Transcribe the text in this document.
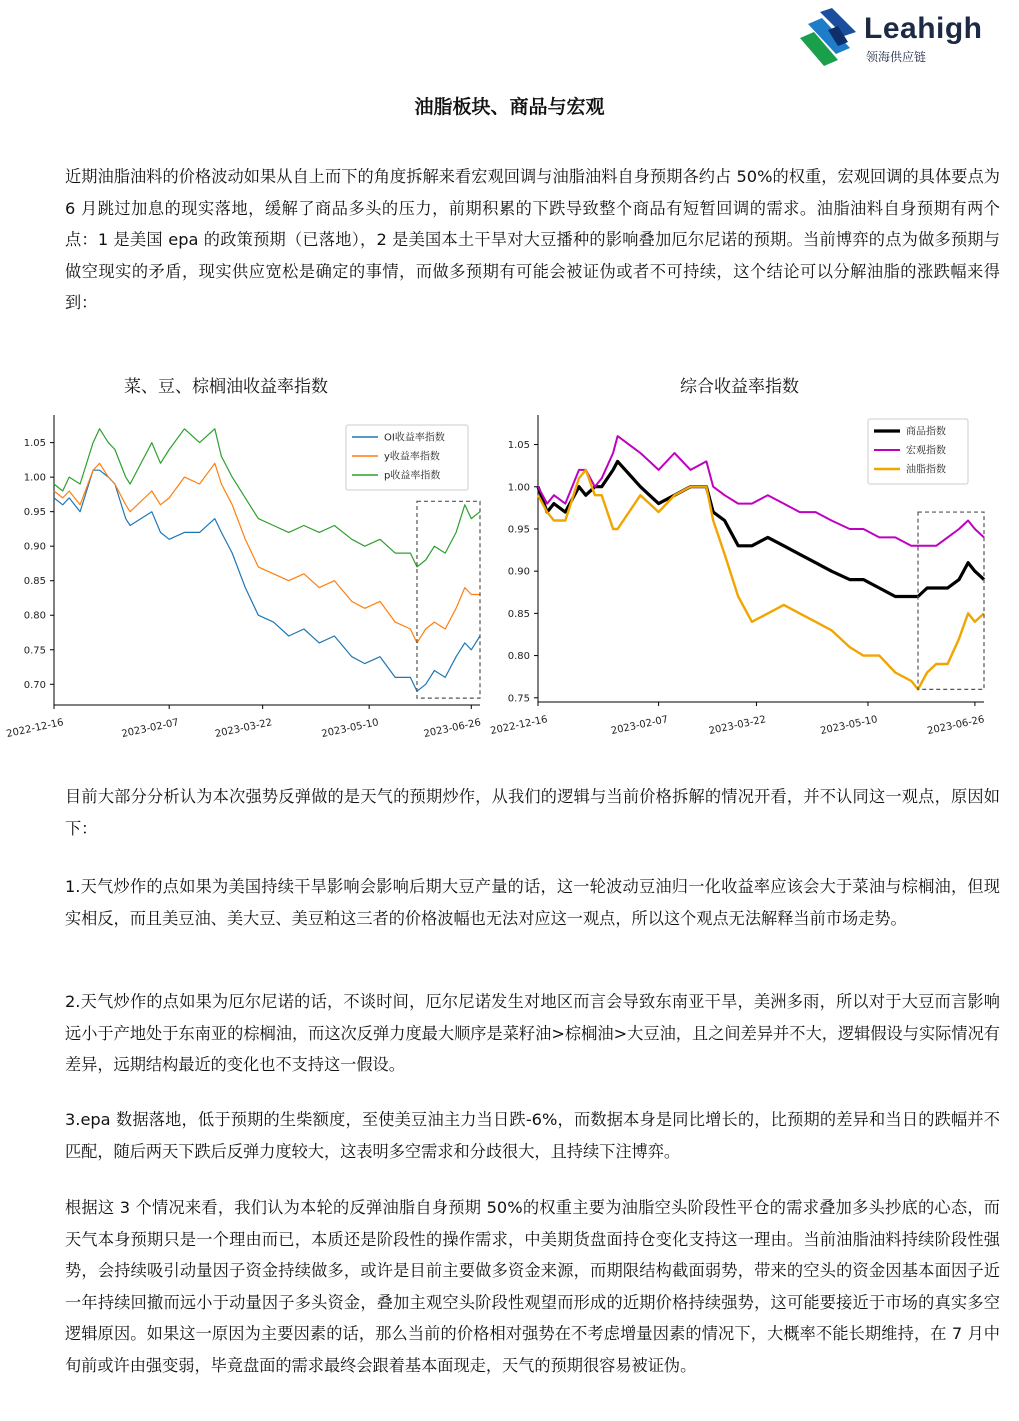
Leahigh
领海供应链
油脂板块、商品与宏观
近期油脂油料的价格波动如果从自上而下的角度拆解来看宏观回调与油脂油料自身预期各约占 50%的权重，宏观回调的具体要点为 6 月跳过加息的现实落地，缓解了商品多头的压力，前期积累的下跌导致整个商品有短暂回调的需求。油脂油料自身预期有两个点：1 是美国 epa 的政策预期（已落地），2 是美国本土干旱对大豆播种的影响叠加厄尔尼诺的预期。当前博弈的点为做多预期与做空现实的矛盾，现实供应宽松是确定的事情，而做多预期有可能会被证伪或者不可持续，这个结论可以分解油脂的涨跌幅来得到：
菜、豆、棕榈油收益率指数	综合收益率指数
0.70
0.75
0.80
0.85
0.90
0.95
1.00
1.05
2022-12-16	2023-02-07	2023-03-22	2023-05-10	2023-06-26
OI收益率指数
y收益率指数
p收益率指数
0.75
0.80
0.85
0.90
0.95
1.00
1.05
2022-12-16	2023-02-07	2023-03-22	2023-05-10	2023-06-26
商品指数
宏观指数
油脂指数
目前大部分分析认为本次强势反弹做的是天气的预期炒作，从我们的逻辑与当前价格拆解的情况开看，并不认同这一观点，原因如下：
1.天气炒作的点如果为美国持续干旱影响会影响后期大豆产量的话，这一轮波动豆油归一化收益率应该会大于菜油与棕榈油，但现实相反，而且美豆油、美大豆、美豆粕这三者的价格波幅也无法对应这一观点，所以这个观点无法解释当前市场走势。
2.天气炒作的点如果为厄尔尼诺的话，不谈时间，厄尔尼诺发生对地区而言会导致东南亚干旱，美洲多雨，所以对于大豆而言影响远小于产地处于东南亚的棕榈油，而这次反弹力度最大顺序是菜籽油>棕榈油>大豆油，且之间差异并不大，逻辑假设与实际情况有差异，远期结构最近的变化也不支持这一假设。
3.epa 数据落地，低于预期的生柴额度，至使美豆油主力当日跌-6%，而数据本身是同比增长的，比预期的差异和当日的跌幅并不匹配，随后两天下跌后反弹力度较大，这表明多空需求和分歧很大，且持续下注博弈。
根据这 3 个情况来看，我们认为本轮的反弹油脂自身预期 50%的权重主要为油脂空头阶段性平仓的需求叠加多头抄底的心态，而天气本身预期只是一个理由而已，本质还是阶段性的操作需求，中美期货盘面持仓变化支持这一理由。当前油脂油料持续阶段性强势，会持续吸引动量因子资金持续做多，或许是目前主要做多资金来源，而期限结构截面弱势，带来的空头的资金因基本面因子近一年持续回撤而远小于动量因子多头资金，叠加主观空头阶段性观望而形成的近期价格持续强势，这可能要接近于市场的真实多空逻辑原因。如果这一原因为主要因素的话，那么当前的价格相对强势在不考虑增量因素的情况下，大概率不能长期维持，在 7 月中旬前或许由强变弱，毕竟盘面的需求最终会跟着基本面现走，天气的预期很容易被证伪。
